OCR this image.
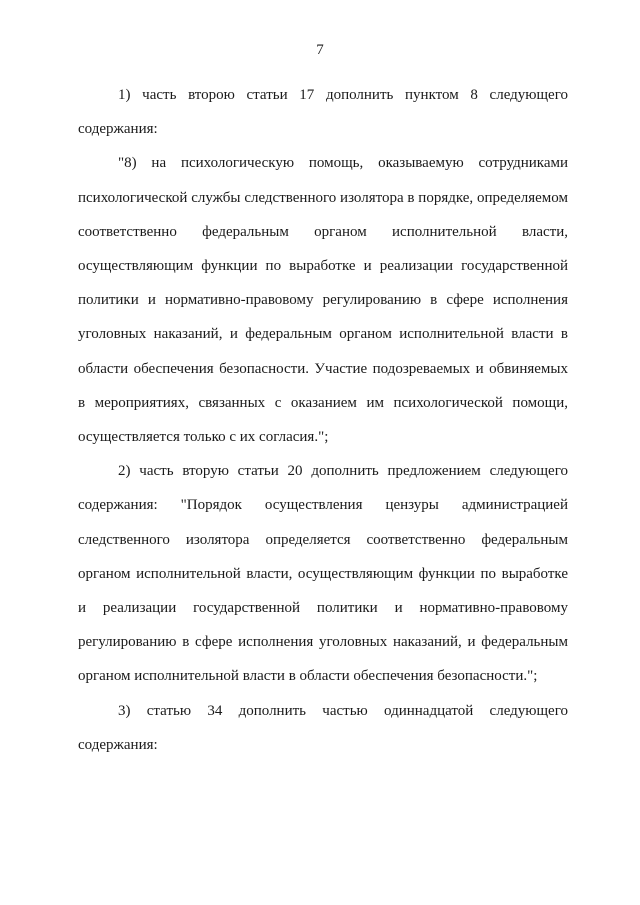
7

1) часть второю статьи 17 дополнить пунктом 8 следующего содержания:

"8) на психологическую помощь, оказываемую сотрудниками психологической службы следственного изолятора в порядке, определяемом соответственно федеральным органом исполнительной власти, осуществляющим функции по выработке и реализации государственной политики и нормативно-правовому регулированию в сфере исполнения уголовных наказаний, и федеральным органом исполнительной власти в области обеспечения безопасности. Участие подозреваемых и обвиняемых в мероприятиях, связанных с оказанием им психологической помощи, осуществляется только с их согласия.";

2) часть вторую статьи 20 дополнить предложением следующего содержания: "Порядок осуществления цензуры администрацией следственного изолятора определяется соответственно федеральным органом исполнительной власти, осуществляющим функции по выработке и реализации государственной политики и нормативно-правовому регулированию в сфере исполнения уголовных наказаний, и федеральным органом исполнительной власти в области обеспечения безопасности.";

3) статью 34 дополнить частью одиннадцатой следующего содержания:
